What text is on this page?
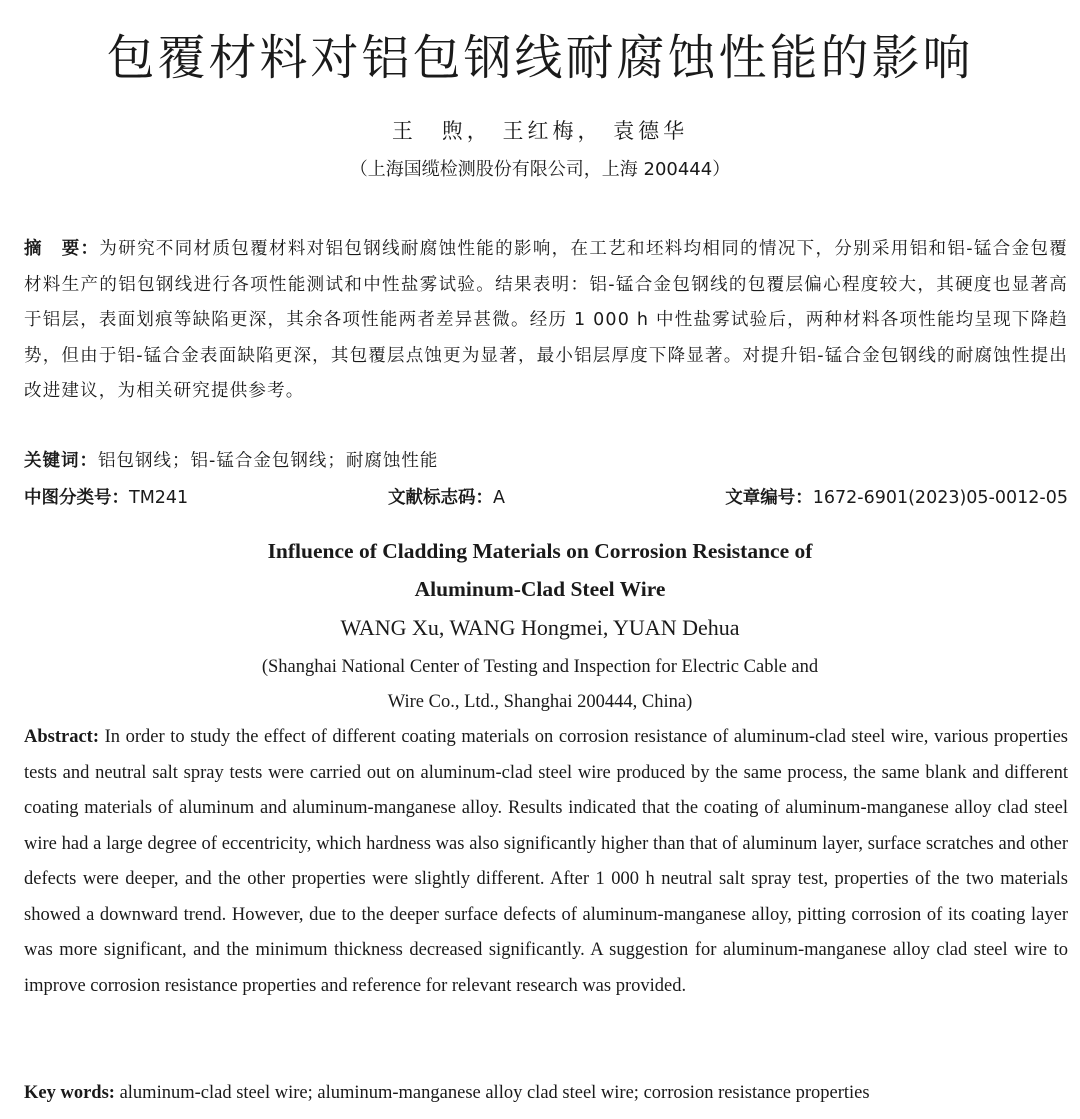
包覆材料对铝包钢线耐腐蚀性能的影响
王　煦， 王红梅， 袁德华
（上海国缆检测股份有限公司，上海 200444）
摘　要：为研究不同材质包覆材料对铝包钢线耐腐蚀性能的影响，在工艺和坯料均相同的情况下，分别采用铝和铝-锰合金包覆材料生产的铝包钢线进行各项性能测试和中性盐雾试验。结果表明：铝-锰合金包钢线的包覆层偏心程度较大，其硬度也显著高于铝层，表面划痕等缺陷更深，其余各项性能两者差异甚微。经历 1 000 h 中性盐雾试验后，两种材料各项性能均呈现下降趋势，但由于铝-锰合金表面缺陷更深，其包覆层点蚀更为显著，最小铝层厚度下降显著。对提升铝-锰合金包钢线的耐腐蚀性提出改进建议，为相关研究提供参考。
关键词：铝包钢线；铝-锰合金包钢线；耐腐蚀性能
中图分类号：TM241	文献标志码：A	文章编号：1672-6901(2023)05-0012-05
Influence of Cladding Materials on Corrosion Resistance of
Aluminum-Clad Steel Wire
WANG Xu, WANG Hongmei, YUAN Dehua
(Shanghai National Center of Testing and Inspection for Electric Cable and
Wire Co., Ltd., Shanghai 200444, China)
Abstract: In order to study the effect of different coating materials on corrosion resistance of aluminum-clad steel wire, various properties tests and neutral salt spray tests were carried out on aluminum-clad steel wire produced by the same process, the same blank and different coating materials of aluminum and aluminum-manganese alloy. Results indicated that the coating of aluminum-manganese alloy clad steel wire had a large degree of eccentricity, which hardness was also significantly higher than that of aluminum layer, surface scratches and other defects were deeper, and the other properties were slightly different. After 1 000 h neutral salt spray test, properties of the two materials showed a downward trend. However, due to the deeper surface defects of aluminum-manganese alloy, pitting corrosion of its coating layer was more significant, and the minimum thickness decreased significantly. A suggestion for aluminum-manganese alloy clad steel wire to improve corrosion resistance properties and reference for relevant research was provided.
Key words: aluminum-clad steel wire; aluminum-manganese alloy clad steel wire; corrosion resistance properties
